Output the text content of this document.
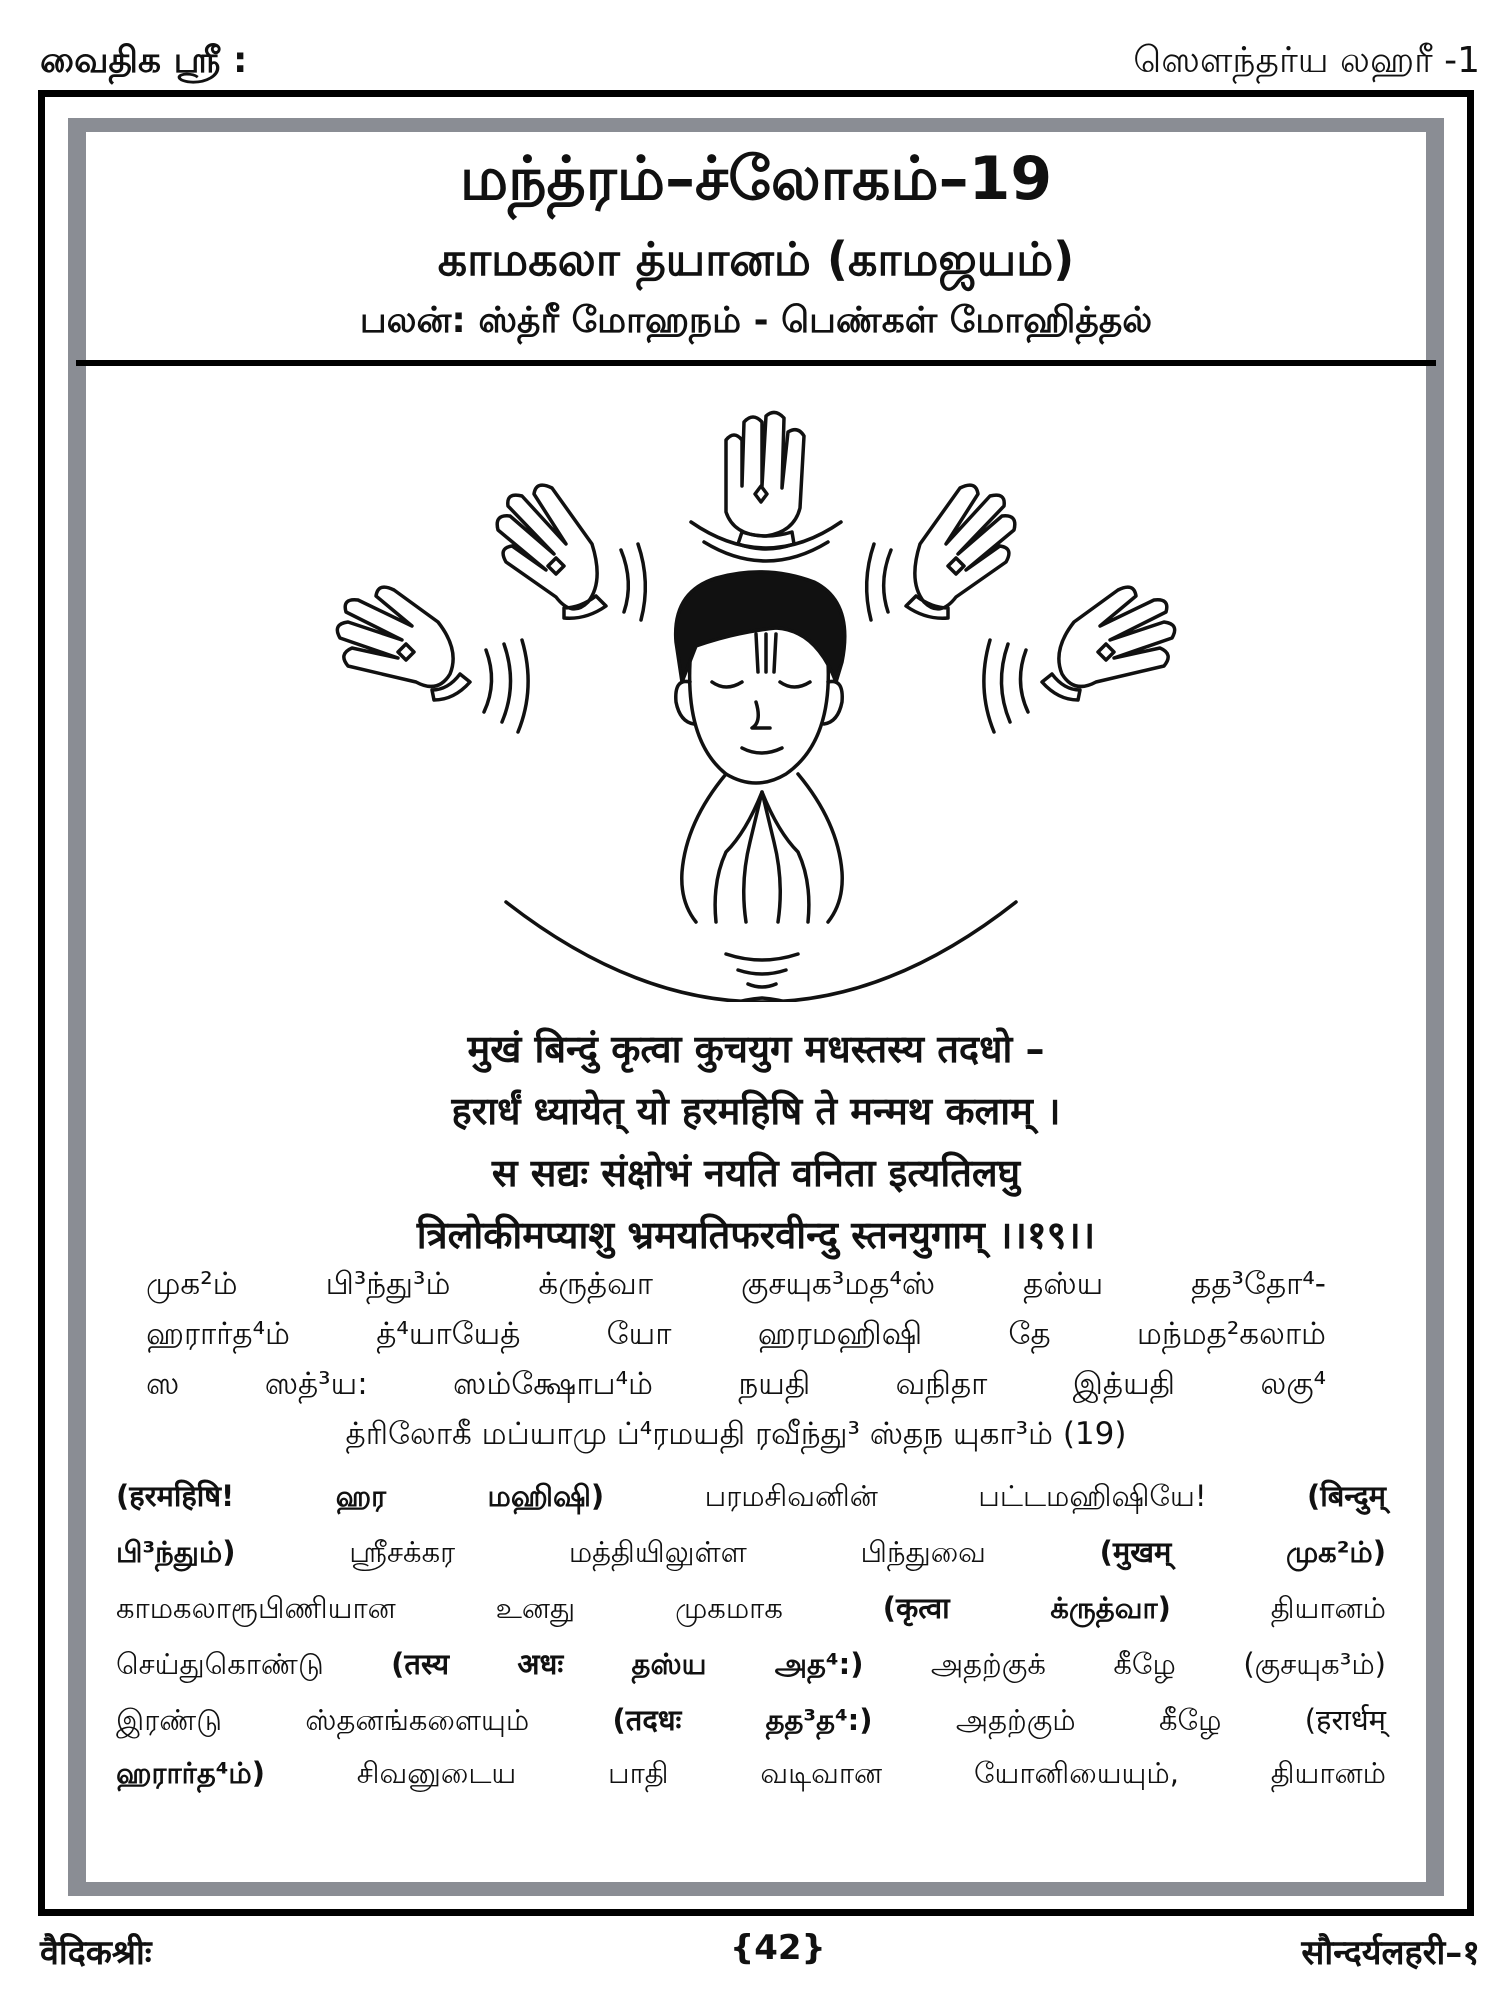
வைதிக ஸ்ரீ :	ஸௌந்தர்ய லஹரீ -1
மந்த்ரம்–ச்லோகம்–19
காமகலா த்யானம் (காமஜயம்)
பலன்: ஸ்த்ரீ மோஹநம் - பெண்கள் மோஹித்தல்
मुखं बिन्दुं कृत्वा कुचयुग मधस्तस्य तदधो –
हरार्धं ध्यायेत् यो हरमहिषि ते मन्मथ कलाम् ।
स सद्यः संक्षोभं नयति वनिता इत्यतिलघु
त्रिलोकीमप्याशु भ्रमयतिफरवीन्दु स्तनयुगाम् ।।१९।।
முக²ம் பி³ந்து³ம் க்ருத்வா குசயுக³மத⁴ஸ் தஸ்ய தத³தோ⁴-
ஹரார்த⁴ம் த்⁴யாயேத் யோ ஹரமஹிஷி தே மந்மத²கலாம்
ஸ ஸத்³ய: ஸம்க்ஷோப⁴ம் நயதி வநிதா இத்யதி லகு⁴
த்ரிலோகீ மப்யாமு ப்⁴ரமயதி ரவீந்து³ ஸ்தந யுகா³ம் (19)
(हरमहिषि! ஹர மஹிஷி) பரமசிவனின் பட்டமஹிஷியே! (बिन्दुम्
பி³ந்தும்) ஸ்ரீசக்கர மத்தியிலுள்ள பிந்துவை (मुखम् முக²ம்)
காமகலாரூபிணியான உனது முகமாக (कृत्वा க்ருத்வா) தியானம்
செய்துகொண்டு (तस्य अधः தஸ்ய அத⁴:) அதற்குக் கீழே (குசயுக³ம்)
இரண்டு ஸ்தனங்களையும் (तदधः தத³த⁴:) அதற்கும் கீழே (हरार्धम्
ஹரார்த⁴ம்) சிவனுடைய பாதி வடிவான யோனியையும், தியானம்
वैदिकश्रीः	{42}	सौन्दर्यलहरी–१
